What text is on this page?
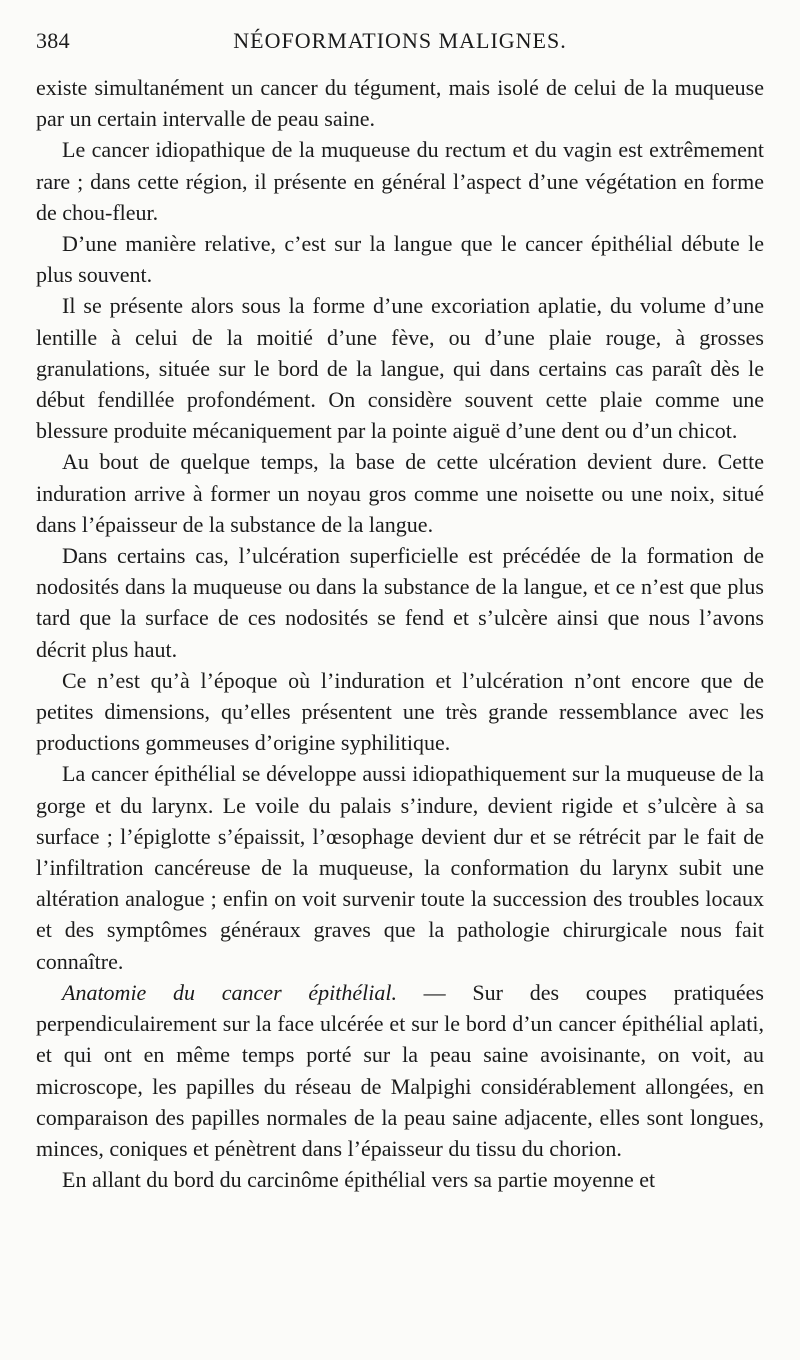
384	NÉOFORMATIONS MALIGNES.

existe simultanément un cancer du tégument, mais isolé de celui de la muqueuse par un certain intervalle de peau saine.

Le cancer idiopathique de la muqueuse du rectum et du vagin est extrêmement rare ; dans cette région, il présente en général l’aspect d’une végétation en forme de chou-fleur.

D’une manière relative, c’est sur la langue que le cancer épithélial débute le plus souvent.

Il se présente alors sous la forme d’une excoriation aplatie, du volume d’une lentille à celui de la moitié d’une fève, ou d’une plaie rouge, à grosses granulations, située sur le bord de la langue, qui dans certains cas paraît dès le début fendillée profondément. On considère souvent cette plaie comme une blessure produite mécaniquement par la pointe aiguë d’une dent ou d’un chicot.

Au bout de quelque temps, la base de cette ulcération devient dure. Cette induration arrive à former un noyau gros comme une noisette ou une noix, situé dans l’épaisseur de la substance de la langue.

Dans certains cas, l’ulcération superficielle est précédée de la formation de nodosités dans la muqueuse ou dans la substance de la langue, et ce n’est que plus tard que la surface de ces nodosités se fend et s’ulcère ainsi que nous l’avons décrit plus haut.

Ce n’est qu’à l’époque où l’induration et l’ulcération n’ont encore que de petites dimensions, qu’elles présentent une très grande ressemblance avec les productions gommeuses d’origine syphilitique.

La cancer épithélial se développe aussi idiopathiquement sur la muqueuse de la gorge et du larynx. Le voile du palais s’indure, devient rigide et s’ulcère à sa surface ; l’épiglotte s’épaissit, l’œsophage devient dur et se rétrécit par le fait de l’infiltration cancéreuse de la muqueuse, la conformation du larynx subit une altération analogue ; enfin on voit survenir toute la succession des troubles locaux et des symptômes généraux graves que la pathologie chirurgicale nous fait connaître.

Anatomie du cancer épithélial. — Sur des coupes pratiquées perpendiculairement sur la face ulcérée et sur le bord d’un cancer épithélial aplati, et qui ont en même temps porté sur la peau saine avoisinante, on voit, au microscope, les papilles du réseau de Malpighi considérablement allongées, en comparaison des papilles normales de la peau saine adjacente, elles sont longues, minces, coniques et pénètrent dans l’épaisseur du tissu du chorion.

En allant du bord du carcinôme épithélial vers sa partie moyenne et
